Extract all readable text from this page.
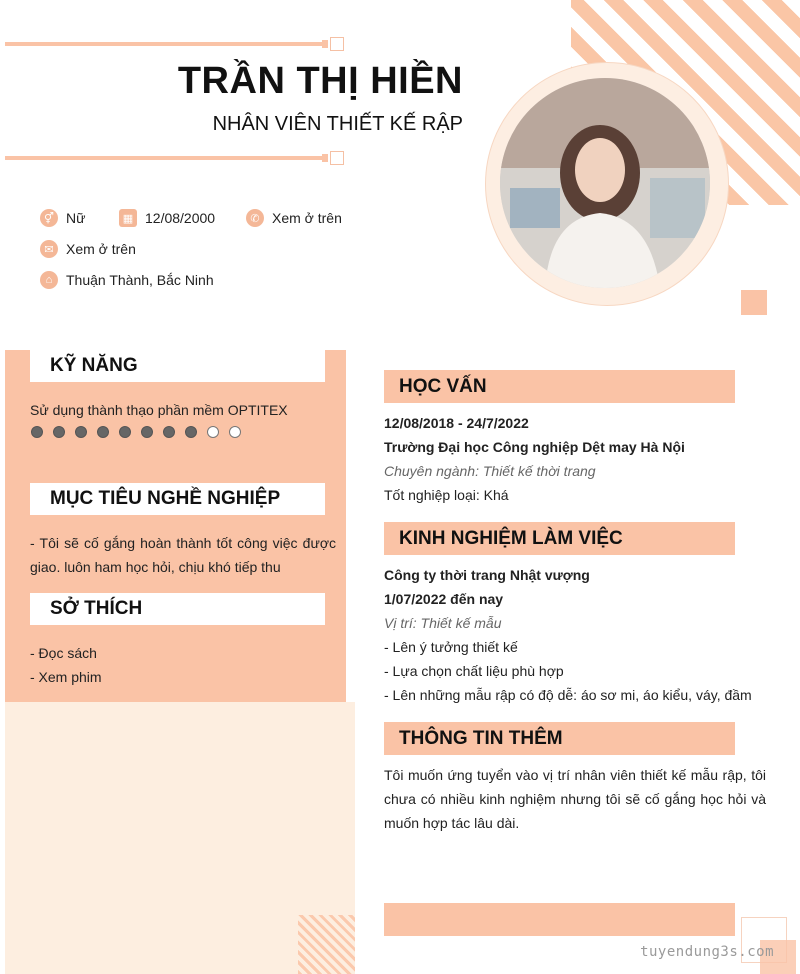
TRẦN THỊ HIỀN
NHÂN VIÊN THIẾT KẾ RẬP
⚥ Nữ	▦ 12/08/2000	✆ Xem ở trên
✉ Xem ở trên
⌂ Thuận Thành, Bắc Ninh
KỸ NĂNG
Sử dụng thành thạo phần mềm OPTITEX
MỤC TIÊU NGHỀ NGHIỆP
- Tôi sẽ cố gắng hoàn thành tốt công việc được giao. luôn ham học hỏi, chịu khó tiếp thu
SỞ THÍCH
- Đọc sách
- Xem phim
HỌC VẤN
12/08/2018 - 24/7/2022
Trường Đại học Công nghiệp Dệt may Hà Nội
Chuyên ngành: Thiết kế thời trang
Tốt nghiệp loại: Khá
KINH NGHIỆM LÀM VIỆC
Công ty thời trang Nhật vượng
1/07/2022 đến nay
Vị trí: Thiết kế mẫu
- Lên ý tưởng thiết kế
- Lựa chọn chất liệu phù hợp
- Lên những mẫu rập có độ dễ: áo sơ mi, áo kiểu, váy, đầm
THÔNG TIN THÊM
Tôi muốn ứng tuyển vào vị trí nhân viên thiết kế mẫu rập, tôi chưa có nhiều kinh nghiệm nhưng tôi sẽ cố gắng học hỏi và muốn hợp tác lâu dài.
tuyendung3s.com
